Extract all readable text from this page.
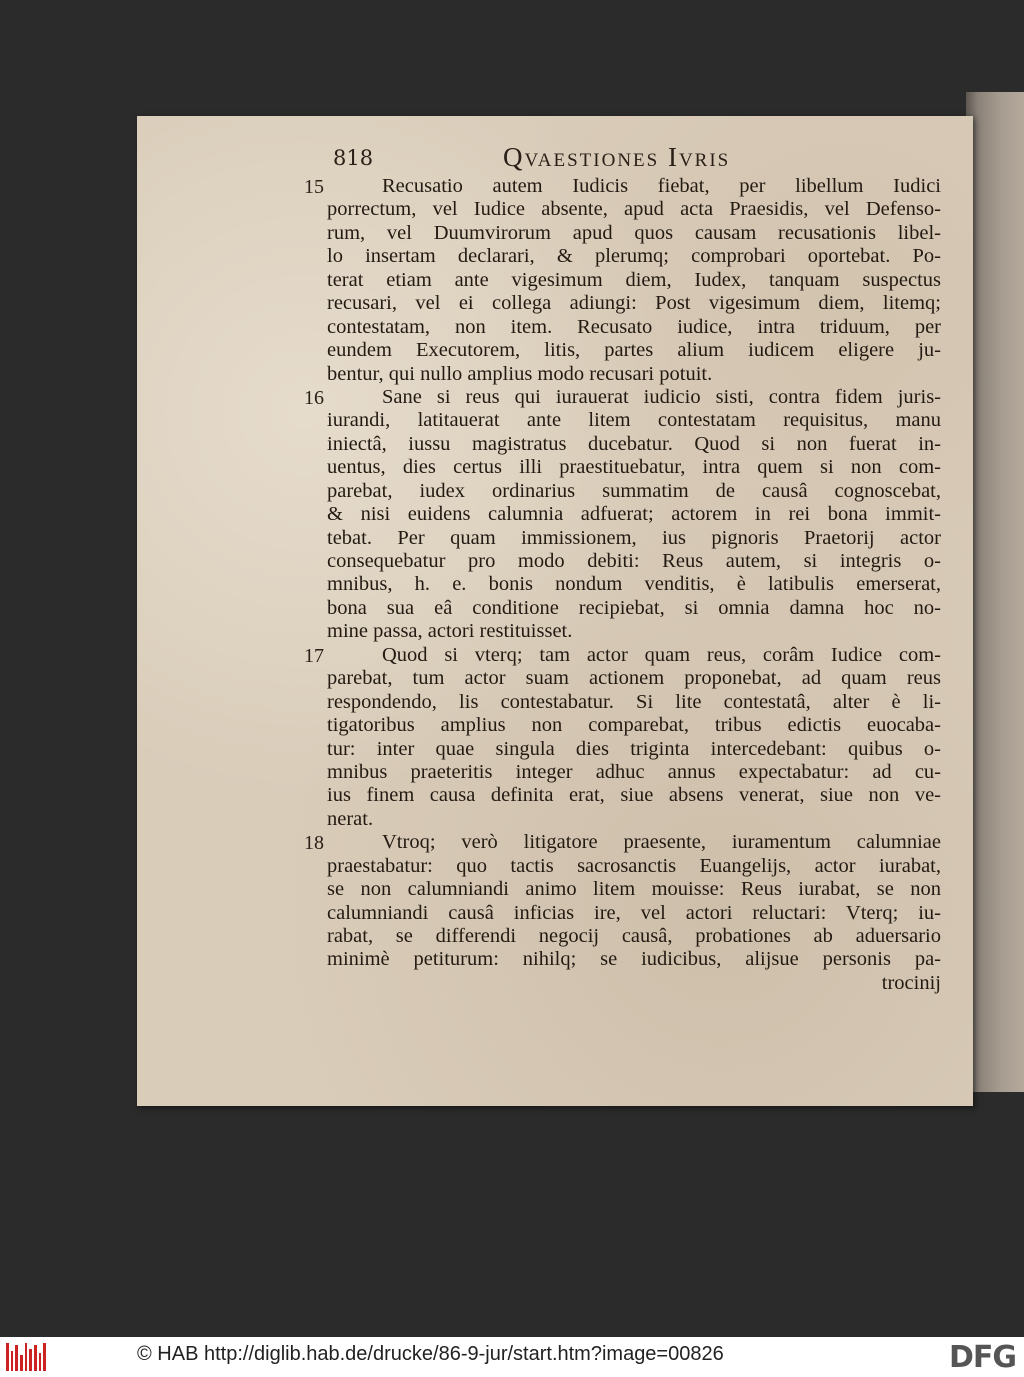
818	Qvaestiones Ivris
15	Recusatio autem Iudicis fiebat, per libellum Iudici
porrectum, vel Iudice absente, apud acta Praesidis, vel Defenso-
rum, vel Duumvirorum apud quos causam recusationis libel-
lo insertam declarari, & plerumq; comprobari oportebat. Po-
terat etiam ante vigesimum diem, Iudex, tanquam suspectus
recusari, vel ei collega adiungi: Post vigesimum diem, litemq;
contestatam, non item. Recusato iudice, intra triduum, per
eundem Executorem, litis, partes alium iudicem eligere ju-
bentur, qui nullo amplius modo recusari potuit.
16	Sane si reus qui iurauerat iudicio sisti, contra fidem juris-
iurandi, latitauerat ante litem contestatam requisitus, manu
iniectâ, iussu magistratus ducebatur. Quod si non fuerat in-
uentus, dies certus illi praestituebatur, intra quem si non com-
parebat, iudex ordinarius summatim de causâ cognoscebat,
& nisi euidens calumnia adfuerat; actorem in rei bona immit-
tebat. Per quam immissionem, ius pignoris Praetorij actor
consequebatur pro modo debiti: Reus autem, si integris o-
mnibus, h. e. bonis nondum venditis, è latibulis emerserat,
bona sua eâ conditione recipiebat, si omnia damna hoc no-
mine passa, actori restituisset.
17	Quod si vterq; tam actor quam reus, corâm Iudice com-
parebat, tum actor suam actionem proponebat, ad quam reus
respondendo, lis contestabatur. Si lite contestatâ, alter è li-
tigatoribus amplius non comparebat, tribus edictis euocaba-
tur: inter quae singula dies triginta intercedebant: quibus o-
mnibus praeteritis integer adhuc annus expectabatur: ad cu-
ius finem causa definita erat, siue absens venerat, siue non ve-
nerat.
18	Vtroq; verò litigatore praesente, iuramentum calumniae
praestabatur: quo tactis sacrosanctis Euangelijs, actor iurabat,
se non calumniandi animo litem mouisse: Reus iurabat, se non
calumniandi causâ inficias ire, vel actori reluctari: Vterq; iu-
rabat, se differendi negocij causâ, probationes ab aduersario
minimè petiturum: nihilq; se iudicibus, alijsue personis pa-
trocinij
© HAB http://diglib.hab.de/drucke/86-9-jur/start.htm?image=00826	DFG
